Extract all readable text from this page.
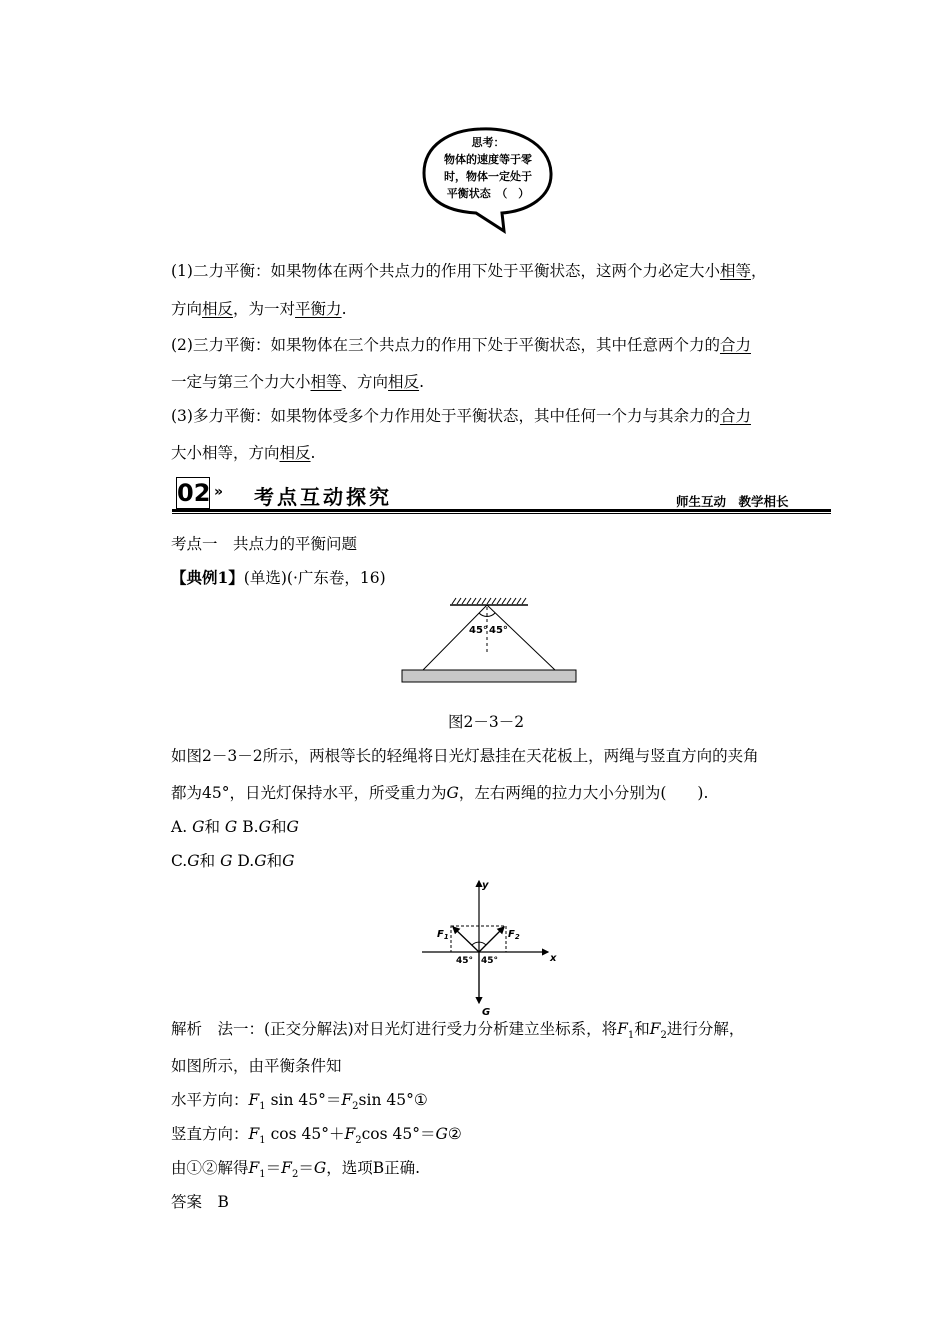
思考：
物体的速度等于零
时，物体一定处于
平衡状态　（　）
(1)二力平衡：如果物体在两个共点力的作用下处于平衡状态，这两个力必定大小相等，
方向相反，为一对平衡力.
(2)三力平衡：如果物体在三个共点力的作用下处于平衡状态，其中任意两个力的合力
一定与第三个力大小相等、方向相反.
(3)多力平衡：如果物体受多个力作用处于平衡状态，其中任何一个力与其余力的合力
大小相等，方向相反.
02 » 考点互动探究	师生互动　教学相长
考点一　共点力的平衡问题
【典例1】(单选)(·广东卷，16)
45° 45°
图2－3－2
如图2－3－2所示，两根等长的轻绳将日光灯悬挂在天花板上，两绳与竖直方向的夹角
都为45°，日光灯保持水平，所受重力为G，左右两绳的拉力大小分别为(　　).
A. G和 G B.G和G
C.G和 G D.G和G
y
x
$F_1$	$F_2$
G
45° 45°
解析　法一：(正交分解法)对日光灯进行受力分析建立坐标系，将$F_1$和$F_2$进行分解，
如图所示，由平衡条件知
水平方向：$F_1$ $\sin 45^\circ=F_2\sin$ 45°①
竖直方向：$F_1$ $\cos 45^\circ+F_2\cos$ 45°＝G②
由①②解得$F_1=F_2=G$，选项B正确.
答案　 B
